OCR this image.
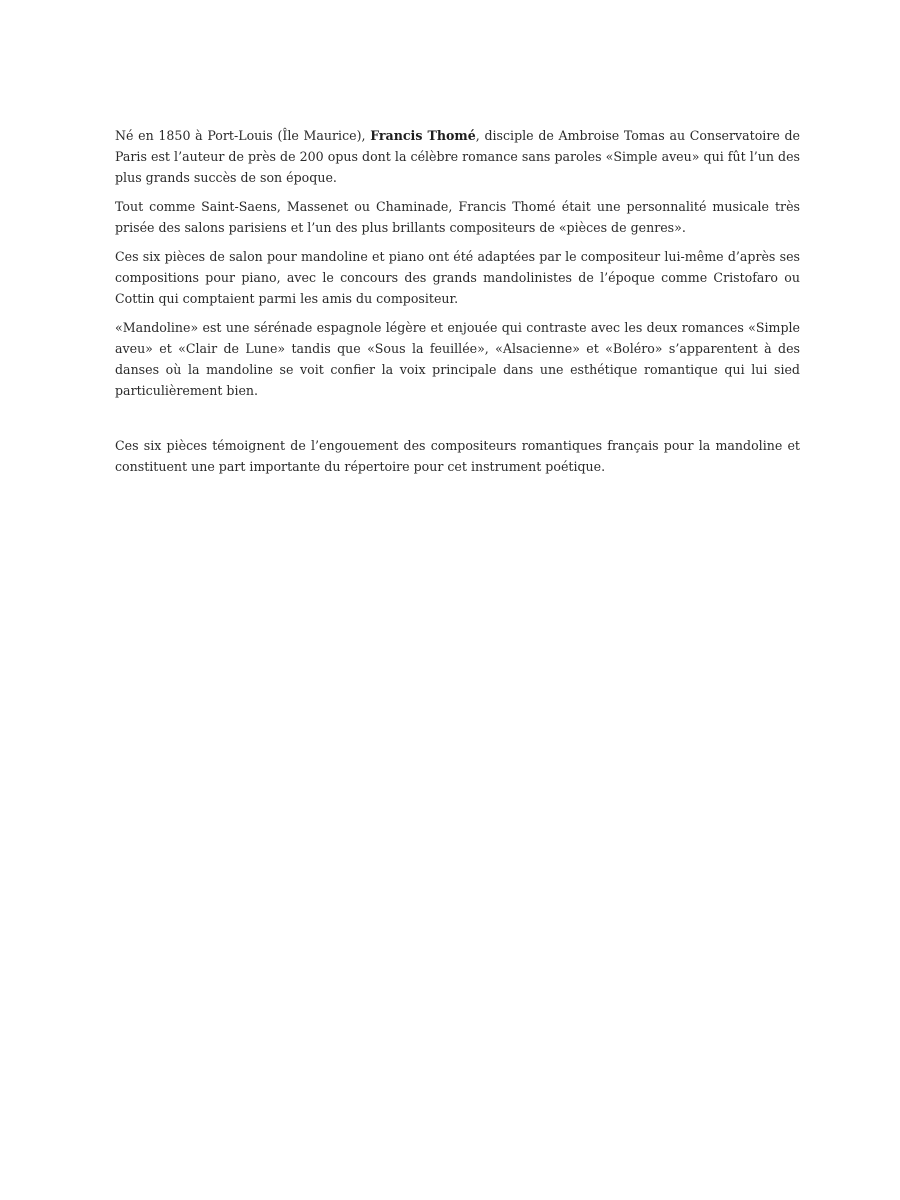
Né en 1850 à Port-Louis (Île Maurice), Francis Thomé, disciple de Ambroise Tomas au Conservatoire de Paris est l’auteur de près de 200 opus dont la célèbre romance sans paroles «Simple aveu» qui fût l’un des plus grands succès de son époque.

Tout comme Saint-Saens, Massenet ou Chaminade, Francis Thomé était une personnalité musicale très prisée des salons parisiens et l’un des plus brillants compositeurs de «pièces de genres».

Ces six pièces de salon pour mandoline et piano ont été adaptées par le compositeur lui-même d’après ses compositions pour piano, avec le concours des grands mandolinistes de l’époque comme Cristofaro ou Cottin qui comptaient parmi les amis du compositeur.

«Mandoline» est une sérénade espagnole légère et enjouée qui contraste avec les deux romances «Simple aveu» et «Clair de Lune» tandis que «Sous la feuillée», «Alsacienne» et «Boléro» s’apparentent à des danses où la mandoline se voit confier la voix principale dans une esthétique romantique qui lui sied particulièrement bien.

Ces six pièces témoignent de l’engouement des compositeurs romantiques français pour la mandoline et constituent une part importante du répertoire pour cet instrument poétique.
